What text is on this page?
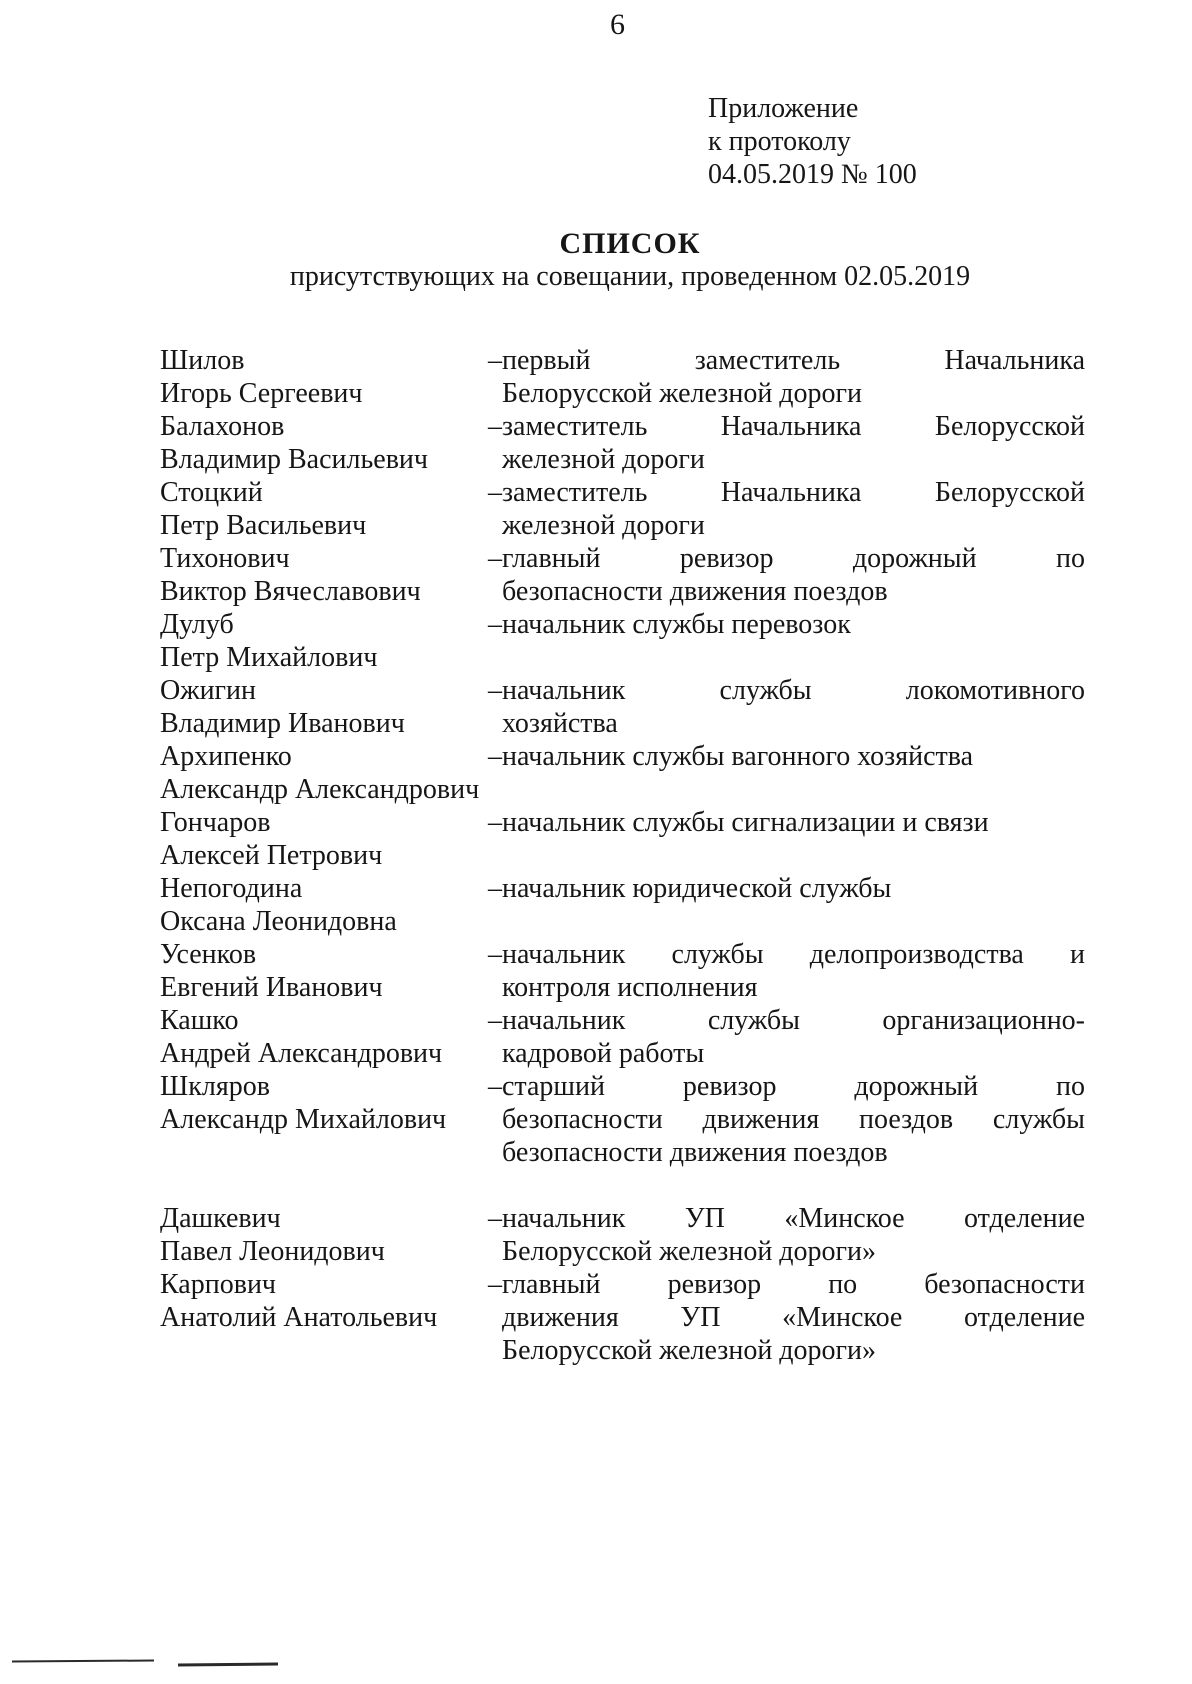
6
Приложение
к протоколу
04.05.2019 № 100
СПИСОК
присутствующих на совещании, проведенном 02.05.2019
Шилов
Игорь Сергеевич
– первый заместитель Начальника
Белорусской железной дороги
Балахонов
Владимир Васильевич
– заместитель Начальника Белорусской
железной дороги
Стоцкий
Петр Васильевич
– заместитель Начальника Белорусской
железной дороги
Тихонович
Виктор Вячеславович
– главный ревизор дорожный по
безопасности движения поездов
Дулуб
Петр Михайлович
– начальник службы перевозок
Ожигин
Владимир Иванович
– начальник службы локомотивного
хозяйства
Архипенко
Александр Александрович
– начальник службы вагонного хозяйства
Гончаров
Алексей Петрович
– начальник службы сигнализации и связи
Непогодина
Оксана Леонидовна
– начальник юридической службы
Усенков
Евгений Иванович
– начальник службы делопроизводства и
контроля исполнения
Кашко
Андрей Александрович
– начальник службы организационно-
кадровой работы
Шкляров
Александр Михайлович
– старший ревизор дорожный по
безопасности движения поездов службы
безопасности движения поездов
Дашкевич
Павел Леонидович
– начальник УП «Минское отделение
Белорусской железной дороги»
Карпович
Анатолий Анатольевич
– главный ревизор по безопасности
движения УП «Минское отделение
Белорусской железной дороги»
